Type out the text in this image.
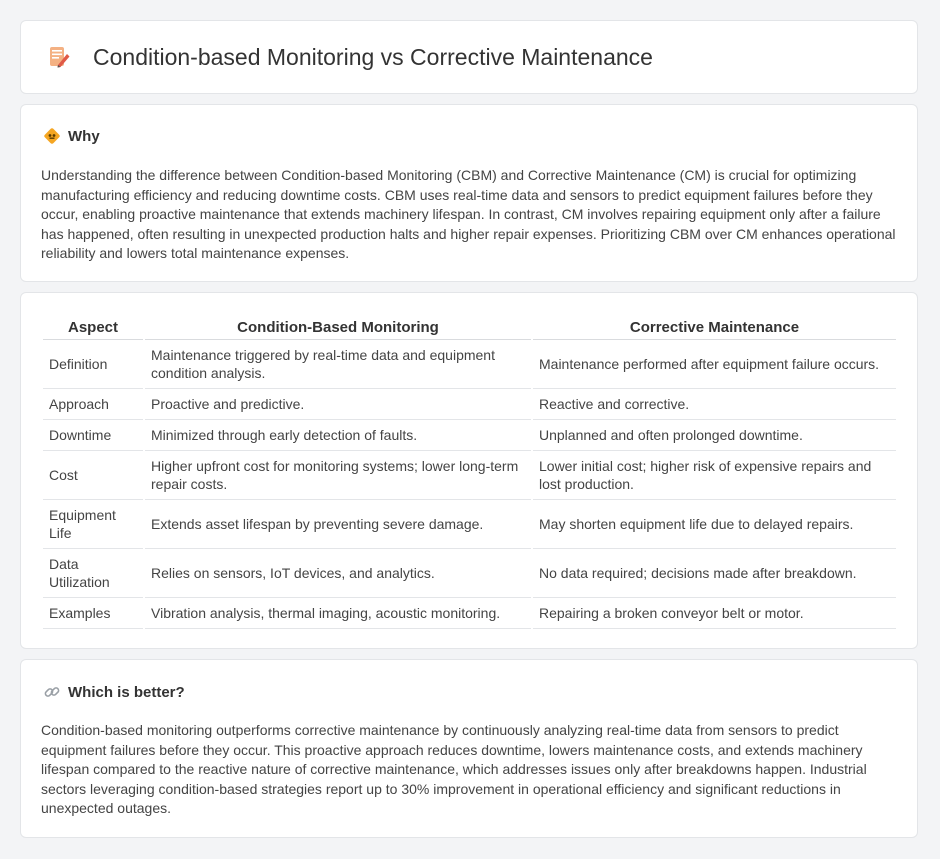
Condition-based Monitoring vs Corrective Maintenance
Why
Understanding the difference between Condition-based Monitoring (CBM) and Corrective Maintenance (CM) is crucial for optimizing manufacturing efficiency and reducing downtime costs. CBM uses real-time data and sensors to predict equipment failures before they occur, enabling proactive maintenance that extends machinery lifespan. In contrast, CM involves repairing equipment only after a failure has happened, often resulting in unexpected production halts and higher repair expenses. Prioritizing CBM over CM enhances operational reliability and lowers total maintenance expenses.
Aspect	Condition-Based Monitoring	Corrective Maintenance
Definition	Maintenance triggered by real-time data and equipment condition analysis.	Maintenance performed after equipment failure occurs.
Approach	Proactive and predictive.	Reactive and corrective.
Downtime	Minimized through early detection of faults.	Unplanned and often prolonged downtime.
Cost	Higher upfront cost for monitoring systems; lower long-term repair costs.	Lower initial cost; higher risk of expensive repairs and lost production.
Equipment Life	Extends asset lifespan by preventing severe damage.	May shorten equipment life due to delayed repairs.
Data Utilization	Relies on sensors, IoT devices, and analytics.	No data required; decisions made after breakdown.
Examples	Vibration analysis, thermal imaging, acoustic monitoring.	Repairing a broken conveyor belt or motor.
Which is better?
Condition-based monitoring outperforms corrective maintenance by continuously analyzing real-time data from sensors to predict equipment failures before they occur. This proactive approach reduces downtime, lowers maintenance costs, and extends machinery lifespan compared to the reactive nature of corrective maintenance, which addresses issues only after breakdowns happen. Industrial sectors leveraging condition-based strategies report up to 30% improvement in operational efficiency and significant reductions in unexpected outages.
